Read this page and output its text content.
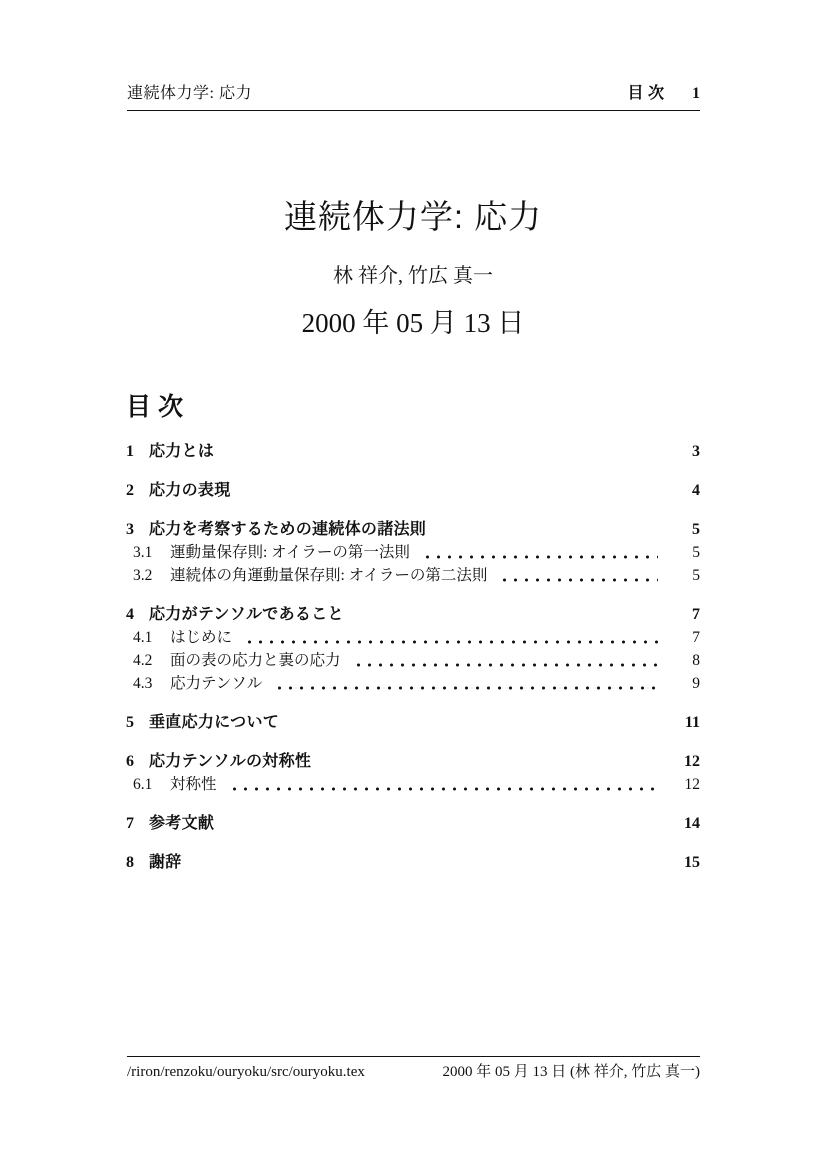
連続体力学: 応力	目 次 1
連続体力学: 応力
林 祥介, 竹広 真一
2000 年 05 月 13 日
目 次
1 応力とは	3
2 応力の表現	4
3 応力を考察するための連続体の諸法則	5
3.1	運動量保存則: オイラーの第一法則	5
3.2	連続体の角運動量保存則: オイラーの第二法則	5
4 応力がテンソルであること	7
4.1	はじめに	7
4.2	面の表の応力と裏の応力	8
4.3	応力テンソル	9
5 垂直応力について	11
6 応力テンソルの対称性	12
6.1	対称性	12
7 参考文献	14
8 謝辞	15
/riron/renzoku/ouryoku/src/ouryoku.tex	2000 年 05 月 13 日 (林 祥介, 竹広 真一)
